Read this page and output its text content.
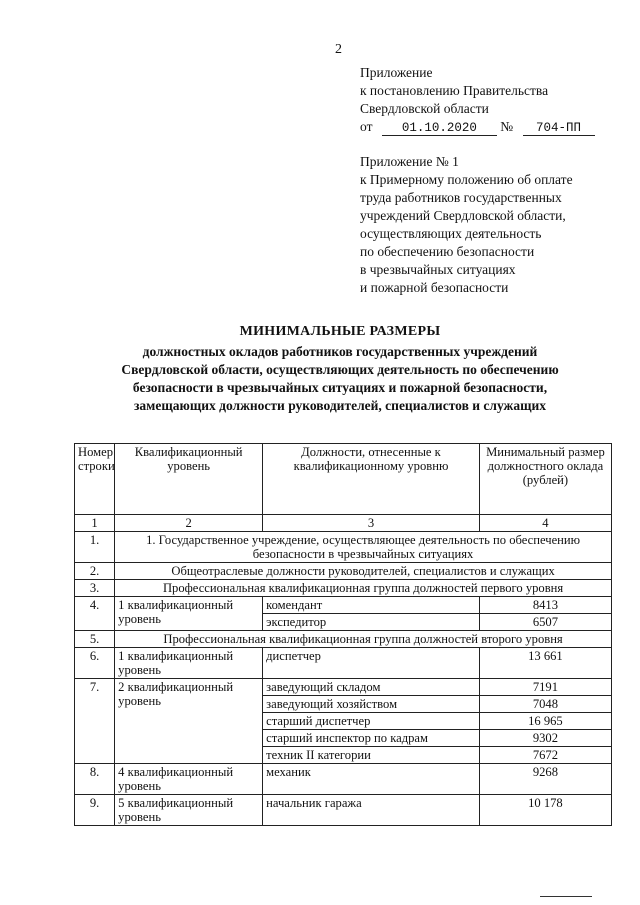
2
Приложение
к постановлению Правительства
Свердловской области
от 01.10.2020 № 704-ПП
Приложение № 1
к Примерному положению об оплате
труда работников государственных
учреждений Свердловской области,
осуществляющих деятельность
по обеспечению безопасности
в чрезвычайных ситуациях
и пожарной безопасности
МИНИМАЛЬНЫЕ РАЗМЕРЫ
должностных окладов работников государственных учреждений
Свердловской области, осуществляющих деятельность по обеспечению
безопасности в чрезвычайных ситуациях и пожарной безопасности,
замещающих должности руководителей, специалистов и служащих
Номер строки	Квалификационный уровень	Должности, отнесенные к квалификационному уровню	Минимальный размер должностного оклада (рублей)
1	2	3	4
1.	1. Государственное учреждение, осуществляющее деятельность по обеспечению безопасности в чрезвычайных ситуациях		
2.	Общеотраслевые должности руководителей, специалистов и служащих		
3.	Профессиональная квалификационная группа должностей первого уровня		
4.	1 квалификационный уровень	комендант	8413
		экспедитор	6507
5.	Профессиональная квалификационная группа должностей второго уровня		
6.	1 квалификационный уровень	диспетчер	13 661
7.	2 квалификационный уровень	заведующий складом	7191
		заведующий хозяйством	7048
		старший диспетчер	16 965
		старший инспектор по кадрам	9302
		техник II категории	7672
8.	4 квалификационный уровень	механик	9268
9.	5 квалификационный уровень	начальник гаража	10 178
